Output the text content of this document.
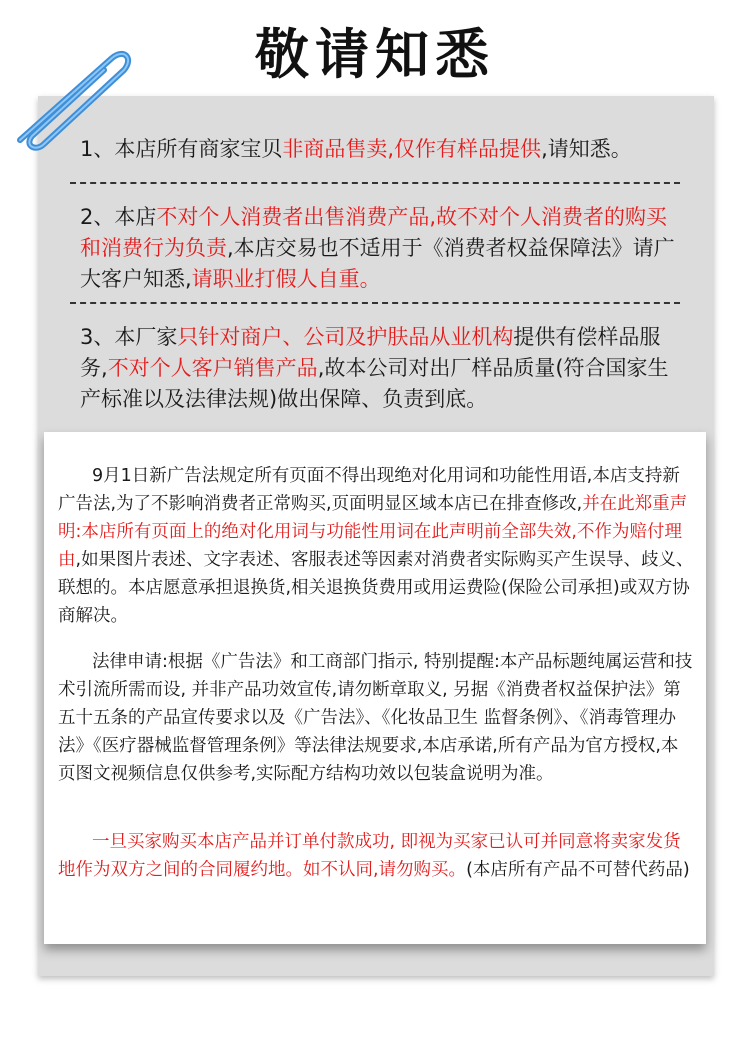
敬请知悉
1、本店所有商家宝贝非商品售卖,仅作有样品提供,请知悉。
2、本店不对个人消费者出售消费产品,故不对个人消费者的购买和消费行为负责,本店交易也不适用于《消费者权益保障法》请广大客户知悉,请职业打假人自重。
3、本厂家只针对商户、公司及护肤品从业机构提供有偿样品服务,不对个人客户销售产品,故本公司对出厂样品质量(符合国家生产标准以及法律法规)做出保障、负责到底。
9月1日新广告法规定所有页面不得出现绝对化用词和功能性用语,本店支持新广告法,为了不影响消费者正常购买,页面明显区域本店已在排查修改,并在此郑重声明:本店所有页面上的绝对化用词与功能性用词在此声明前全部失效,不作为赔付理由,如果图片表述、文字表述、客服表述等因素对消费者实际购买产生误导、歧义、联想的。本店愿意承担退换货,相关退换货费用或用运费险(保险公司承担)或双方协商解决。
法律申请:根据《广告法》和工商部门指示, 特别提醒:本产品标题纯属运营和技术引流所需而设, 并非产品功效宣传,请勿断章取义, 另据《消费者权益保护法》第五十五条的产品宣传要求以及《广告法》、《化妆品卫生 监督条例》、《消毒管理办法》《医疗器械监督管理条例》等法律法规要求,本店承诺,所有产品为官方授权,本页图文视频信息仅供参考,实际配方结构功效以包装盒说明为准。
一旦买家购买本店产品并订单付款成功, 即视为买家已认可并同意将卖家发货地作为双方之间的合同履约地。如不认同,请勿购买。(本店所有产品不可替代药品)
